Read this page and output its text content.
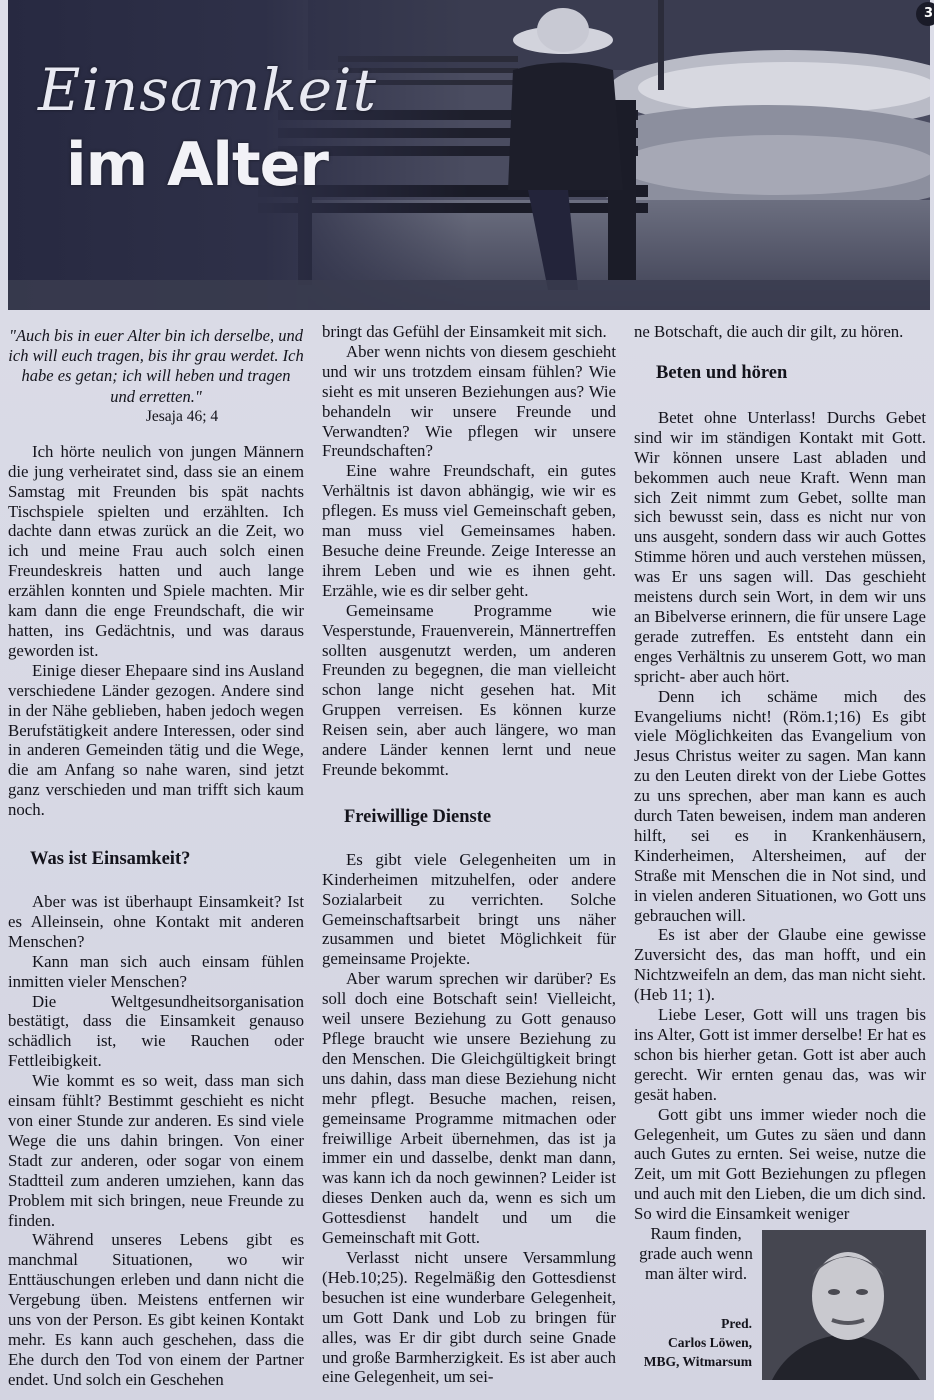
Einsamkeit
im Alter
3

"Auch bis in euer Alter bin ich derselbe, und ich will euch tragen, bis ihr grau werdet. Ich habe es getan; ich will heben und tragen und erretten."

Jesaja 46; 4

Ich hörte neulich von jungen Männern die jung verheiratet sind, dass sie an einem Samstag mit Freunden bis spät nachts Tischspiele spielten und erzählten. Ich dachte dann etwas zurück an die Zeit, wo ich und meine Frau auch solch einen Freundeskreis hatten und auch lange erzählen konnten und Spiele machten. Mir kam dann die enge Freundschaft, die wir hatten, ins Gedächtnis, und was daraus geworden ist.

Einige dieser Ehepaare sind ins Ausland verschiedene Länder gezogen. Andere sind in der Nähe geblieben, haben jedoch wegen Berufstätigkeit andere Interessen, oder sind in anderen Gemeinden tätig und die Wege, die am Anfang so nahe waren, sind jetzt ganz verschieden und man trifft sich kaum noch.

Was ist Einsamkeit?

Aber was ist überhaupt Einsamkeit? Ist es Alleinsein, ohne Kontakt mit anderen Menschen?

Kann man sich auch einsam fühlen inmitten vieler Menschen?

Die Weltgesundheitsorganisation bestätigt, dass die Einsamkeit genauso schädlich ist, wie Rauchen oder Fettleibigkeit.

Wie kommt es so weit, dass man sich einsam fühlt? Bestimmt geschieht es nicht von einer Stunde zur anderen. Es sind viele Wege die uns dahin bringen. Von einer Stadt zur anderen, oder sogar von einem Stadtteil zum anderen umziehen, kann das Problem mit sich bringen, neue Freunde zu finden.

Während unseres Lebens gibt es manchmal Situationen, wo wir Enttäuschungen erleben und dann nicht die Vergebung üben. Meistens entfernen wir uns von der Person. Es gibt keinen Kontakt mehr. Es kann auch geschehen, dass die Ehe durch den Tod von einem der Partner endet. Und solch ein Geschehen

bringt das Gefühl der Einsamkeit mit sich.

Aber wenn nichts von diesem geschieht und wir uns trotzdem einsam fühlen? Wie sieht es mit unseren Beziehungen aus? Wie behandeln wir unsere Freunde und Verwandten? Wie pflegen wir unsere Freundschaften?

Eine wahre Freundschaft, ein gutes Verhältnis ist davon abhängig, wie wir es pflegen. Es muss viel Gemeinschaft geben, man muss viel Gemeinsames haben. Besuche deine Freunde. Zeige Interesse an ihrem Leben und wie es ihnen geht. Erzähle, wie es dir selber geht.

Gemeinsame Programme wie Vesperstunde, Frauenverein, Männertreffen sollten ausgenutzt werden, um anderen Freunden zu begegnen, die man vielleicht schon lange nicht gesehen hat. Mit Gruppen verreisen. Es können kurze Reisen sein, aber auch längere, wo man andere Länder kennen lernt und neue Freunde bekommt.

Freiwillige Dienste

Es gibt viele Gelegenheiten um in Kinderheimen mitzuhelfen, oder andere Sozialarbeit zu verrichten. Solche Gemeinschaftsarbeit bringt uns näher zusammen und bietet Möglichkeit für gemeinsame Projekte.

Aber warum sprechen wir darüber? Es soll doch eine Botschaft sein! Vielleicht, weil unsere Beziehung zu Gott genauso Pflege braucht wie unsere Beziehung zu den Menschen. Die Gleichgültigkeit bringt uns dahin, dass man diese Beziehung nicht mehr pflegt. Besuche machen, reisen, gemeinsame Programme mitmachen oder freiwillige Arbeit übernehmen, das ist ja immer ein und dasselbe, denkt man dann, was kann ich da noch gewinnen? Leider ist dieses Denken auch da, wenn es sich um Gottesdienst handelt und um die Gemeinschaft mit Gott.

Verlasst nicht unsere Versammlung (Heb.10;25). Regelmäßig den Gottesdienst besuchen ist eine wunderbare Gelegenheit, um Gott Dank und Lob zu bringen für alles, was Er dir gibt durch seine Gnade und große Barmherzigkeit. Es ist aber auch eine Gelegenheit, um sei-

ne Botschaft, die auch dir gilt, zu hören.

Beten und hören

Betet ohne Unterlass! Durchs Gebet sind wir im ständigen Kontakt mit Gott. Wir können unsere Last abladen und bekommen auch neue Kraft. Wenn man sich Zeit nimmt zum Gebet, sollte man sich bewusst sein, dass es nicht nur von uns ausgeht, sondern dass wir auch Gottes Stimme hören und auch verstehen müssen, was Er uns sagen will. Das geschieht meistens durch sein Wort, in dem wir uns an Bibelverse erinnern, die für unsere Lage gerade zutreffen. Es entsteht dann ein enges Verhältnis zu unserem Gott, wo man spricht- aber auch hört.

Denn ich schäme mich des Evangeliums nicht! (Röm.1;16) Es gibt viele Möglichkeiten das Evangelium von Jesus Christus weiter zu sagen. Man kann zu den Leuten direkt von der Liebe Gottes zu uns sprechen, aber man kann es auch durch Taten beweisen, indem man anderen hilft, sei es in Krankenhäusern, Kinderheimen, Altersheimen, auf der Straße mit Menschen die in Not sind, und in vielen anderen Situationen, wo Gott uns gebrauchen will.

Es ist aber der Glaube eine gewisse Zuversicht des, das man hofft, und ein Nichtzweifeln an dem, das man nicht sieht. (Heb 11; 1).

Liebe Leser, Gott will uns tragen bis ins Alter, Gott ist immer derselbe! Er hat es schon bis hierher getan. Gott ist aber auch gerecht. Wir ernten genau das, was wir gesät haben.

Gott gibt uns immer wieder noch die Gelegenheit, um Gutes zu säen und dann auch Gutes zu ernten. Sei weise, nutze die Zeit, um mit Gott Beziehungen zu pflegen und auch mit den Lieben, die um dich sind. So wird die Einsamkeit weniger

Raum finden, grade auch wenn man älter wird.

Pred.
Carlos Löwen,
MBG, Witmarsum
